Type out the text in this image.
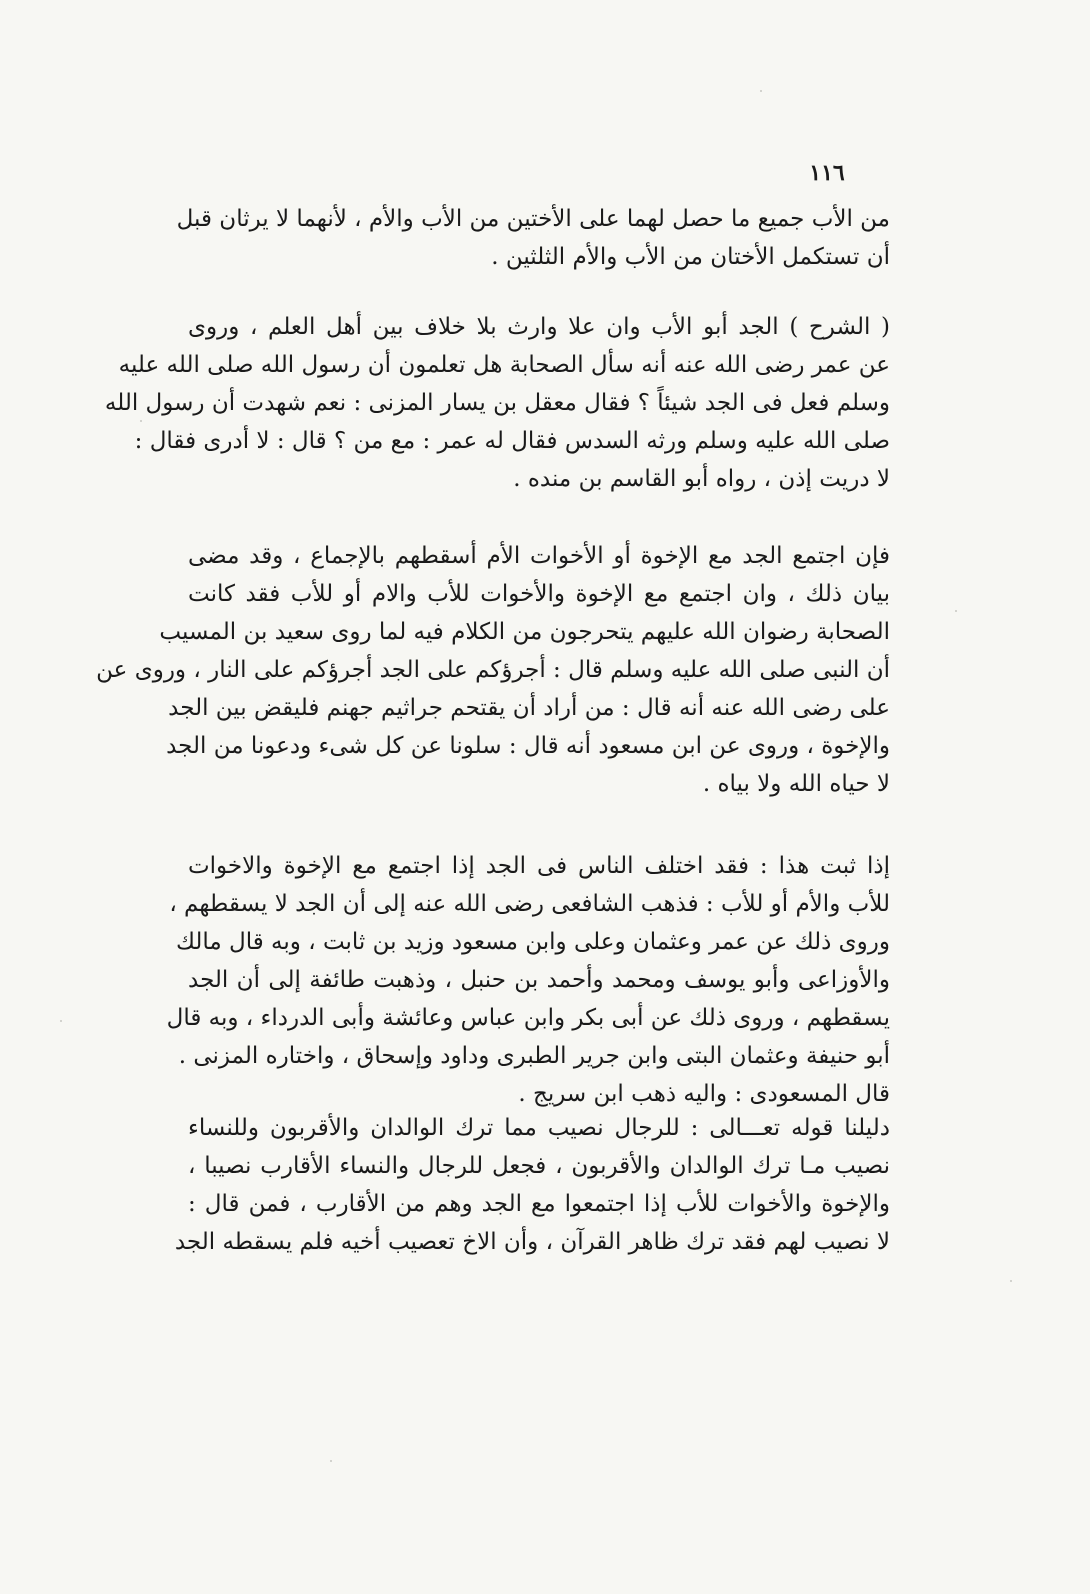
١١٦
من الأب جميع ما حصل لهما على الأختين من الأب والأم ، لأنهما لا يرثان قبل
أن تستكمل الأختان من الأب والأم الثلثين .
( الشرح ) الجد أبو الأب وان علا وارث بلا خلاف بين أهل العلم ، وروى
عن عمر رضى الله عنه أنه سأل الصحابة هل تعلمون أن رسول الله صلى الله عليه
وسلم فعل فى الجد شيئاً ؟ فقال معقل بن يسار المزنى : نعم شهدت أن رسول الله
صلى الله عليه وسلم ورثه السدس فقال له عمر : مع من ؟ قال : لا أدرى فقال :
لا دريت إذن ، رواه أبو القاسم بن منده .
فإن اجتمع الجد مع الإخوة أو الأخوات الأم أسقطهم بالإجماع ، وقد مضى
بيان ذلك ، وان اجتمع مع الإخوة والأخوات للأب والام أو للأب فقد كانت
الصحابة رضوان الله عليهم يتحرجون من الكلام فيه لما روى سعيد بن المسيب
أن النبى صلى الله عليه وسلم قال : أجرؤكم على الجد أجرؤكم على النار ، وروى عن
على رضى الله عنه أنه قال : من أراد أن يقتحم جراثيم جهنم فليقض بين الجد
والإخوة ، وروى عن ابن مسعود أنه قال : سلونا عن كل شىء ودعونا من الجد
لا حياه الله ولا بياه .
إذا ثبت هذا : فقد اختلف الناس فى الجد إذا اجتمع مع الإخوة والاخوات
للأب والأم أو للأب : فذهب الشافعى رضى الله عنه إلى أن الجد لا يسقطهم ،
وروى ذلك عن عمر وعثمان وعلى وابن مسعود وزيد بن ثابت ، وبه قال مالك
والأوزاعى وأبو يوسف ومحمد وأحمد بن حنبل ، وذهبت طائفة إلى أن الجد
يسقطهم ، وروى ذلك عن أبى بكر وابن عباس وعائشة وأبى الدرداء ، وبه قال
أبو حنيفة وعثمان البتى وابن جرير الطبرى وداود وإسحاق ، واختاره المزنى .
قال المسعودى : واليه ذهب ابن سريج .
دليلنا قوله تعـــالى : للرجال نصيب مما ترك الوالدان والأقربون وللنساء
نصيب مـا ترك الوالدان والأقربون ، فجعل للرجال والنساء الأقارب نصيبا ،
والإخوة والأخوات للأب إذا اجتمعوا مع الجد وهم من الأقارب ، فمن قال :
لا نصيب لهم فقد ترك ظاهر القرآن ، وأن الاخ تعصيب أخيه فلم يسقطه الجد
